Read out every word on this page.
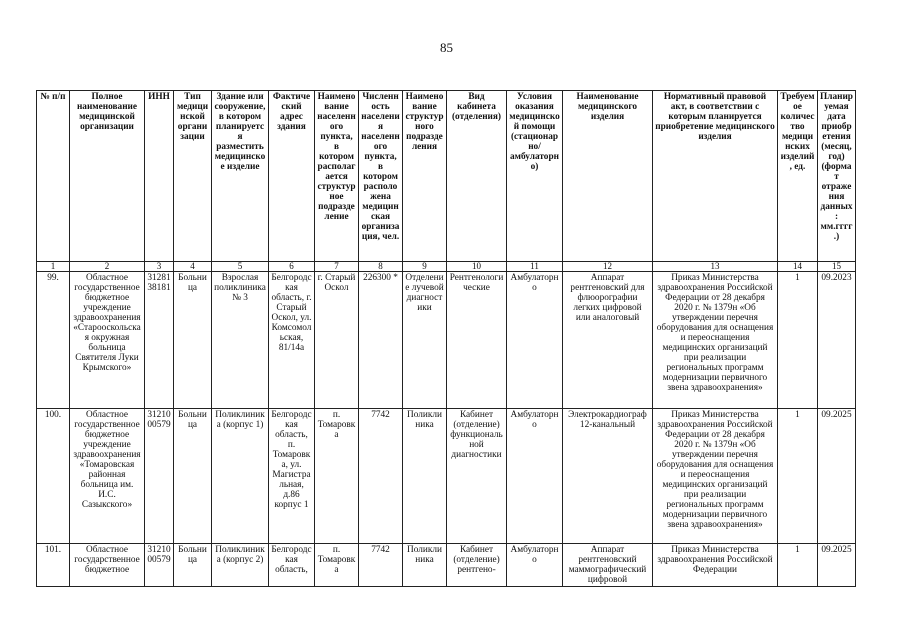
85
№ п/п	Полное наименование медицинской организации	ИНН	Тип медицинской организации	Здание или сооружение, в котором планируется разместить медицинское изделие	Фактический адрес здания	Наименование населенного пункта, в котором располагается структурное подразделение	Численность населения населенного пункта, в котором расположена медицинская организация, чел.	Наименование структурного подразделения	Вид кабинета (отделения)	Условия оказания медицинской помощи (стационарно/амбулаторно)	Наименование медицинского изделия	Нормативный правовой акт, в соответствии с которым планируется приобретение медицинского изделия	Требуемое количество медицинских изделий, ед.	Планируемая дата приобретения (месяц, год) (формат отражения данных: мм.гггг.)
1	2	3	4	5	6	7	8	9	10	11	12	13	14	15
99.	Областное государственное бюджетное учреждение здравоохранения «Старооскольская окружная больница Святителя Луки Крымского»	3128138181	Больница	Взрослая поликлиника № 3	Белгородская область, г. Старый Оскол, ул. Комсомольская, 81/14а	г. Старый Оскол	226300 *	Отделение лучевой диагностики	Рентгенологические	Амбулаторно	Аппарат рентгеновский для флюорографии легких цифровой или аналоговый	Приказ Министерства здравоохранения Российской Федерации от 28 декабря 2020 г. № 1379н «Об утверждении перечня оборудования для оснащения и переоснащения медицинских организаций при реализации региональных программ модернизации первичного звена здравоохранения»	1	09.2023
100.	Областное государственное бюджетное учреждение здравоохранения «Томаровская районная больница им. И.С. Сазыкского»	3121000579	Больница	Поликлиника (корпус 1)	Белгородская область, п. Томаровка, ул. Магистральная, д.86 корпус 1	п. Томаровка	7742	Поликлиника	Кабинет (отделение) функциональной диагностики	Амбулаторно	Электрокардиограф 12-канальный	Приказ Министерства здравоохранения Российской Федерации от 28 декабря 2020 г. № 1379н «Об утверждении перечня оборудования для оснащения и переоснащения медицинских организаций при реализации региональных программ модернизации первичного звена здравоохранения»	1	09.2025
101.	Областное государственное бюджетное	3121000579	Больница	Поликлиника (корпус 2)	Белгородская область,	п. Томаровка	7742	Поликлиника	Кабинет (отделение) рентгено-	Амбулаторно	Аппарат рентгеновский маммографический цифровой	Приказ Министерства здравоохранения Российской Федерации	1	09.2025
